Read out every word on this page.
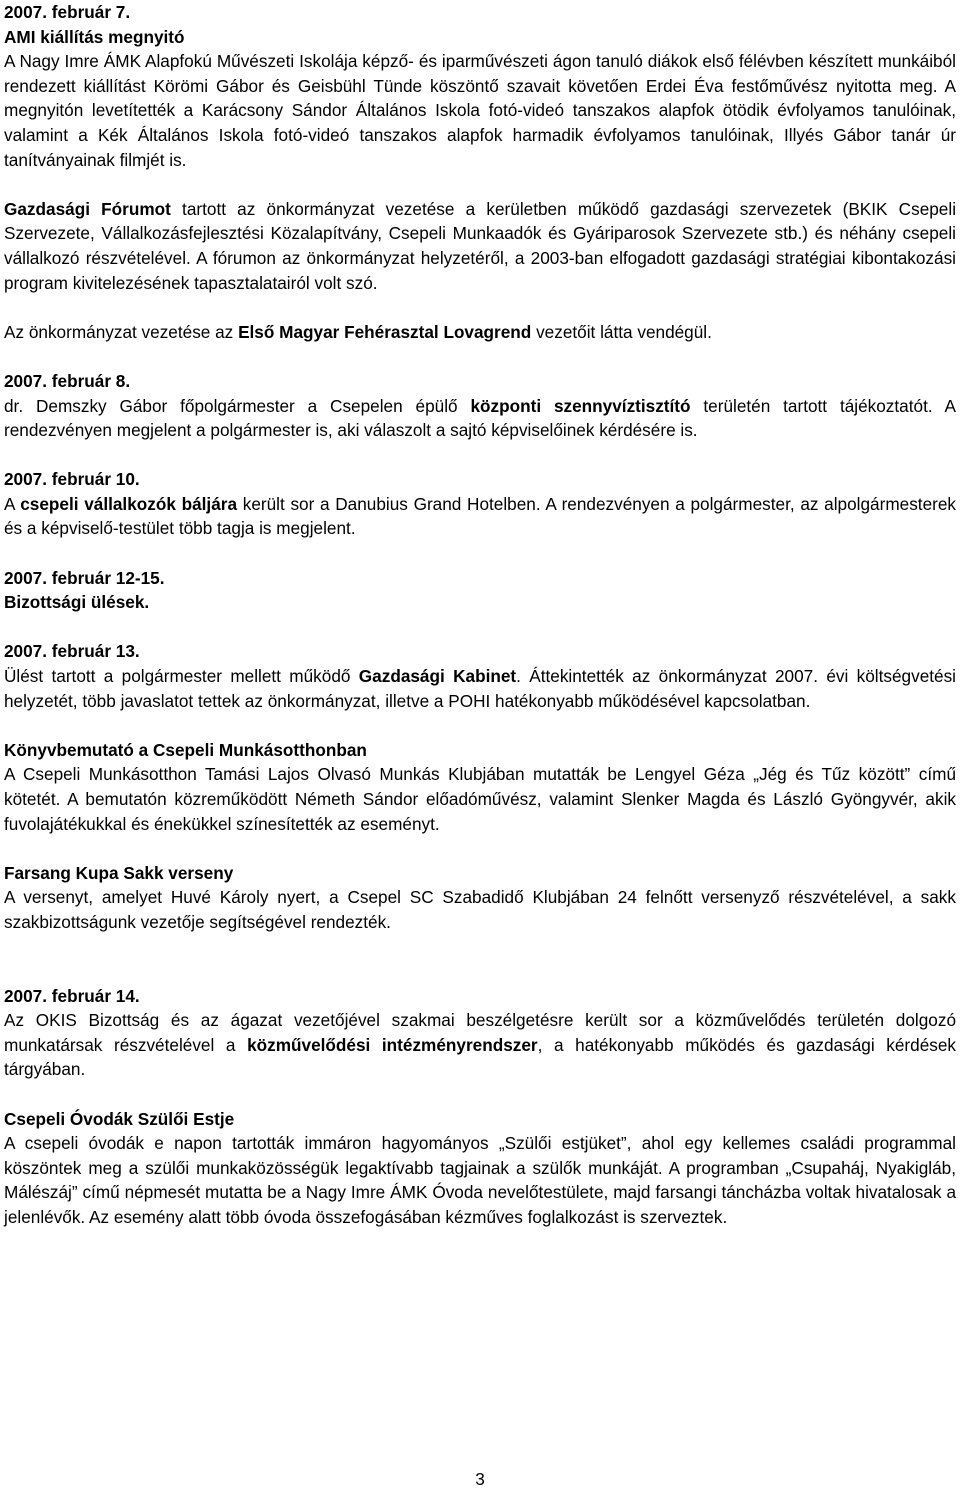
2007. február 7.

AMI kiállítás megnyitó

A Nagy Imre ÁMK Alapfokú Művészeti Iskolája képző- és iparművészeti ágon tanuló diákok első félévben készített munkáiból rendezett kiállítást Körömi Gábor és Geisbühl Tünde köszöntő szavait követően Erdei Éva festőművész nyitotta meg. A megnyitón levetítették a Karácsony Sándor Általános Iskola fotó-videó tanszakos alapfok ötödik évfolyamos tanulóinak, valamint a Kék Általános Iskola fotó-videó tanszakos alapfok harmadik évfolyamos tanulóinak, Illyés Gábor tanár úr tanítványainak filmjét is.

Gazdasági Fórumot tartott az önkormányzat vezetése a kerületben működő gazdasági szervezetek (BKIK Csepeli Szervezete, Vállalkozásfejlesztési Közalapítvány, Csepeli Munkaadók és Gyáriparosok Szervezete stb.) és néhány csepeli vállalkozó részvételével. A fórumon az önkormányzat helyzetéről, a 2003-ban elfogadott gazdasági stratégiai kibontakozási program kivitelezésének tapasztalatairól volt szó.

Az önkormányzat vezetése az Első Magyar Fehérasztal Lovagrend vezetőit látta vendégül.

2007. február 8.

dr. Demszky Gábor főpolgármester a Csepelen épülő központi szennyvíztisztító területén tartott tájékoztatót. A rendezvényen megjelent a polgármester is, aki válaszolt a sajtó képviselőinek kérdésére is.

2007. február 10.

A csepeli vállalkozók báljára került sor a Danubius Grand Hotelben. A rendezvényen a polgármester, az alpolgármesterek és a képviselő-testület több tagja is megjelent.

2007. február 12-15.

Bizottsági ülések.

2007. február 13.

Ülést tartott a polgármester mellett működő Gazdasági Kabinet. Áttekintették az önkormányzat 2007. évi költségvetési helyzetét, több javaslatot tettek az önkormányzat, illetve a POHI hatékonyabb működésével kapcsolatban.

Könyvbemutató a Csepeli Munkásotthonban

A Csepeli Munkásotthon Tamási Lajos Olvasó Munkás Klubjában mutatták be Lengyel Géza „Jég és Tűz között” című kötetét. A bemutatón közreműködött Németh Sándor előadóművész, valamint Slenker Magda és László Gyöngyvér, akik fuvolajátékukkal és énekükkel színesítették az eseményt.

Farsang Kupa Sakk verseny

A versenyt, amelyet Huvé Károly nyert, a Csepel SC Szabadidő Klubjában 24 felnőtt versenyző részvételével, a sakk szakbizottságunk vezetője segítségével rendezték.

2007. február 14.

Az OKIS Bizottság és az ágazat vezetőjével szakmai beszélgetésre került sor a közművelődés területén dolgozó munkatársak részvételével a közművelődési intézményrendszer, a hatékonyabb működés és gazdasági kérdések tárgyában.

Csepeli Óvodák Szülői Estje

A csepeli óvodák e napon tartották immáron hagyományos „Szülői estjüket”, ahol egy kellemes családi programmal köszöntek meg a szülői munkaközösségük legaktívabb tagjainak a szülők munkáját. A programban „Csupaháj, Nyakigláb, Málészáj” című népmesét mutatta be a Nagy Imre ÁMK Óvoda nevelőtestülete, majd farsangi táncházba voltak hivatalosak a jelenlévők. Az esemény alatt több óvoda összefogásában kézműves foglalkozást is szerveztek.

3
